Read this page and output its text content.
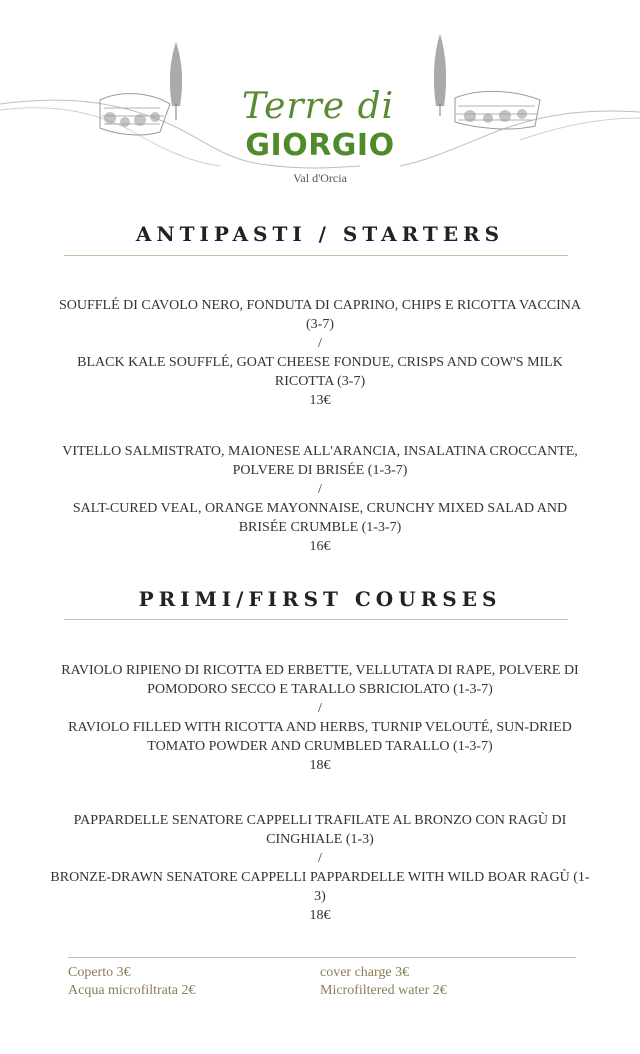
Terre di
GIORGIO
Val d'Orcia
ANTIPASTI / STARTERS
SOUFFLÉ DI CAVOLO NERO, FONDUTA DI CAPRINO, CHIPS E RICOTTA VACCINA (3-7)
/
BLACK KALE SOUFFLÉ, GOAT CHEESE FONDUE, CRISPS AND COW'S MILK RICOTTA (3-7)
13€
VITELLO SALMISTRATO, MAIONESE ALL'ARANCIA, INSALATINA CROCCANTE, POLVERE DI BRISÉE (1-3-7)
/
SALT-CURED VEAL, ORANGE MAYONNAISE, CRUNCHY MIXED SALAD AND BRISÉE CRUMBLE (1-3-7)
16€
PRIMI/FIRST COURSES
RAVIOLO RIPIENO DI RICOTTA ED ERBETTE, VELLUTATA DI RAPE, POLVERE DI POMODORO SECCO E TARALLO SBRICIOLATO (1-3-7)
/
RAVIOLO FILLED WITH RICOTTA AND HERBS, TURNIP VELOUTÉ, SUN-DRIED TOMATO POWDER AND CRUMBLED TARALLO (1-3-7)
18€
PAPPARDELLE SENATORE CAPPELLI TRAFILATE AL BRONZO CON RAGÙ DI CINGHIALE (1-3)
/
BRONZE-DRAWN SENATORE CAPPELLI PAPPARDELLE WITH WILD BOAR RAGÙ (1-3)
18€
Coperto 3€
Acqua microfiltrata 2€
cover charge 3€
Microfiltered water 2€
